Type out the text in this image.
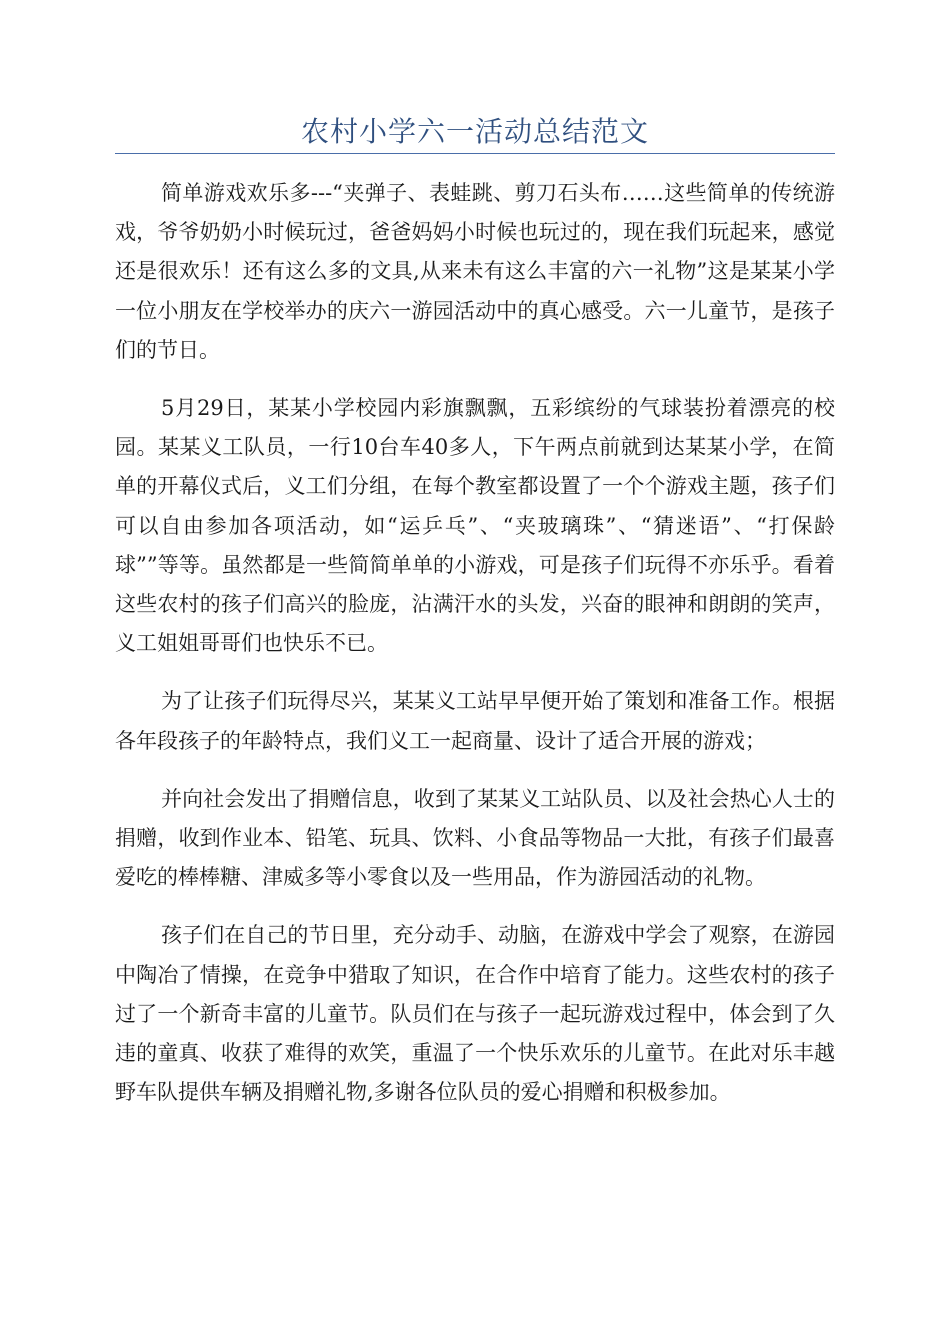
农村小学六一活动总结范文

简单游戏欢乐多---“夹弹子、表蛙跳、剪刀石头布……这些简单的传统游戏，爷爷奶奶小时候玩过，爸爸妈妈小时候也玩过的，现在我们玩起来，感觉还是很欢乐！还有这么多的文具,从来未有这么丰富的六一礼物”这是某某小学一位小朋友在学校举办的庆六一游园活动中的真心感受。六一儿童节，是孩子们的节日。

5月29日，某某小学校园内彩旗飘飘，五彩缤纷的气球装扮着漂亮的校园。某某义工队员，一行10台车40多人，下午两点前就到达某某小学，在简单的开幕仪式后，义工们分组，在每个教室都设置了一个个游戏主题，孩子们可以自由参加各项活动，如“运乒乓”、“夹玻璃珠”、“猜迷语”、“打保龄球””等等。虽然都是一些简简单单的小游戏，可是孩子们玩得不亦乐乎。看着这些农村的孩子们高兴的脸庞，沾满汗水的头发，兴奋的眼神和朗朗的笑声，义工姐姐哥哥们也快乐不已。

为了让孩子们玩得尽兴，某某义工站早早便开始了策划和准备工作。根据各年段孩子的年龄特点，我们义工一起商量、设计了适合开展的游戏；

并向社会发出了捐赠信息，收到了某某义工站队员、以及社会热心人士的捐赠，收到作业本、铅笔、玩具、饮料、小食品等物品一大批，有孩子们最喜爱吃的棒棒糖、津威多等小零食以及一些用品，作为游园活动的礼物。

孩子们在自己的节日里，充分动手、动脑，在游戏中学会了观察，在游园中陶冶了情操，在竞争中猎取了知识，在合作中培育了能力。这些农村的孩子过了一个新奇丰富的儿童节。队员们在与孩子一起玩游戏过程中，体会到了久违的童真、收获了难得的欢笑，重温了一个快乐欢乐的儿童节。在此对乐丰越野车队提供车辆及捐赠礼物,多谢各位队员的爱心捐赠和积极参加。
